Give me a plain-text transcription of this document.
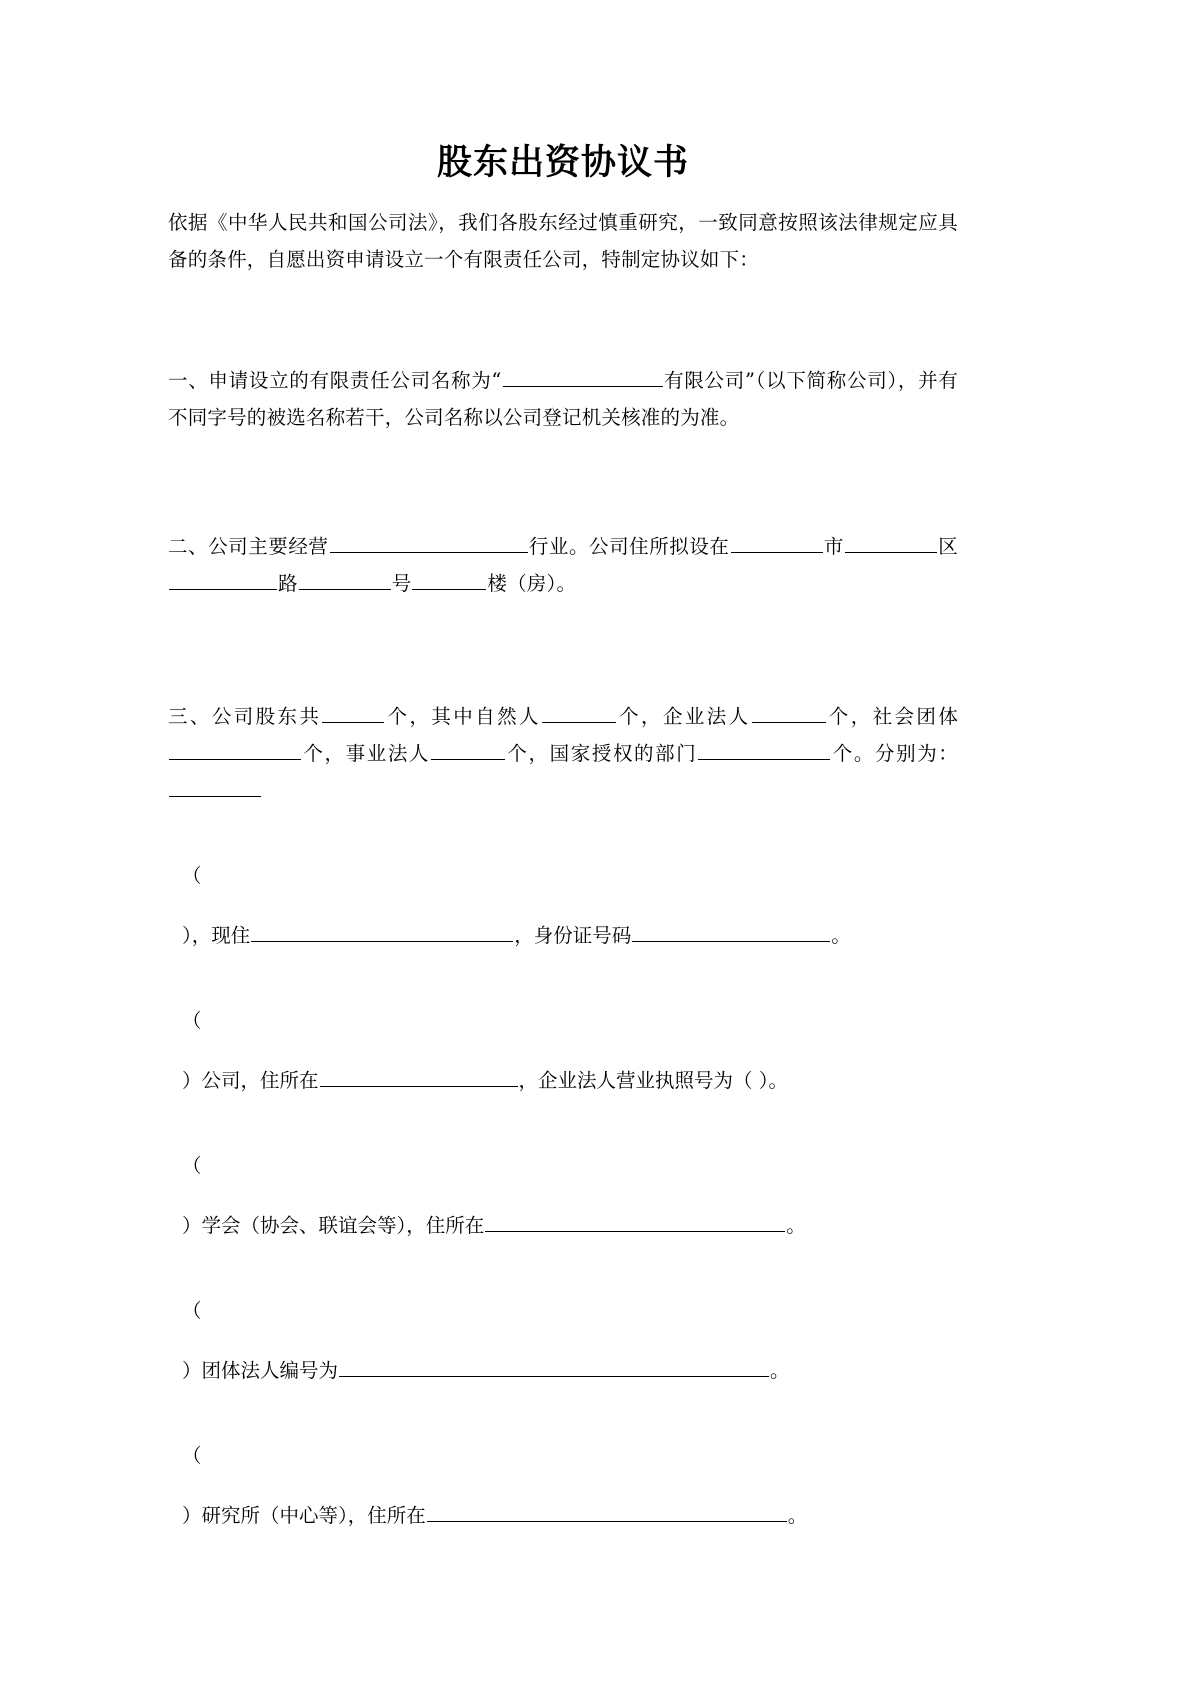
股东出资协议书

依据《中华人民共和国公司法》，我们各股东经过慎重研究，一致同意按照该法律规定应具备的条件，自愿出资申请设立一个有限责任公司，特制定协议如下：

一、申请设立的有限责任公司名称为“	有限公司”（以下简称公司），并有不同字号的被选名称若干，公司名称以公司登记机关核准的为准。

二、公司主要经营	行业。公司住所拟设在	市	区路	号	楼（房）。

三、公司股东共	个，其中自然人	个，企业法人	个，社会团体个，事业法人	个，国家授权的部门	个。分别为：

（

），现住	，身份证号码	。

（

）公司，住所在	，企业法人营业执照号为（ ）。

（

）学会（协会、联谊会等），住所在	。

（

）团体法人编号为	。

（

）研究所（中心等），住所在	。
